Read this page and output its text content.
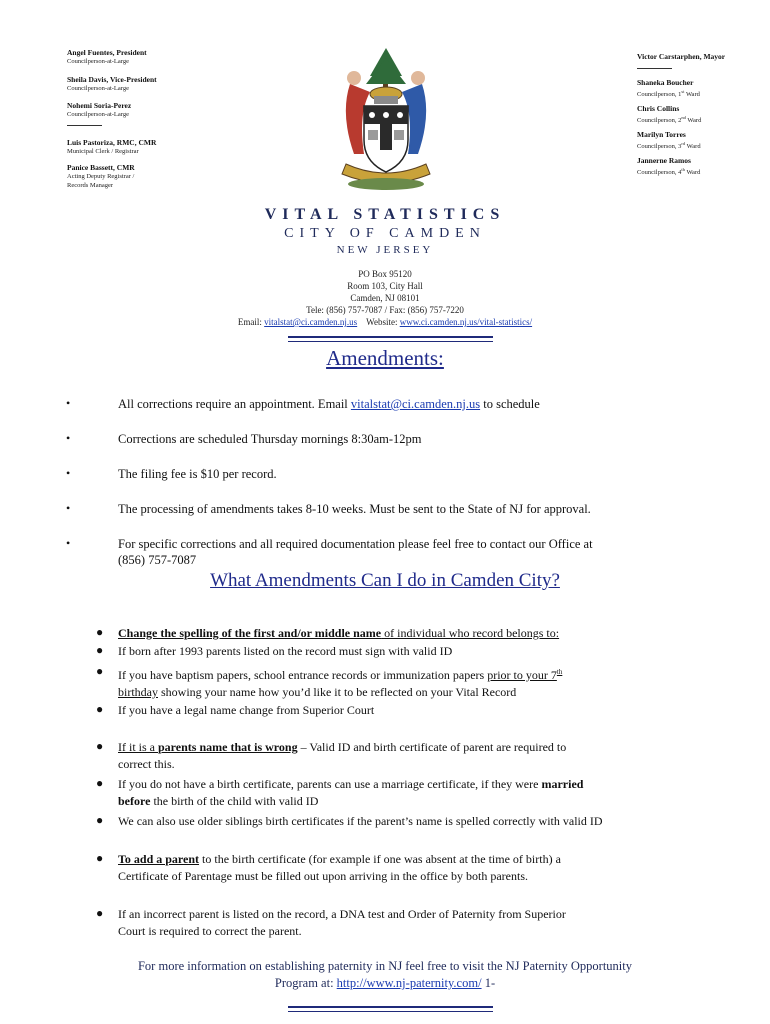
Angel Fuentes, President
Councilperson-at-Large
Sheila Davis, Vice-President
Councilperson-at-Large
Nohemi Soria-Perez
Councilperson-at-Large
Luis Pastoriza, RMC, CMR
Municipal Clerk / Registrar
Panice Bassett, CMR
Acting Deputy Registrar /
Records Manager
Victor Carstarphen, Mayor
Shaneka Boucher
Councilperson, 1st Ward
Chris Collins
Councilperson, 2nd Ward
Marilyn Torres
Councilperson, 3rd Ward
Jannerne Ramos
Councilperson, 4th Ward
VITAL STATISTICS
CITY OF CAMDEN
NEW JERSEY
PO Box 95120
Room 103, City Hall
Camden, NJ 08101
Tele: (856) 757-7087 / Fax: (856) 757-7220
Email: vitalstat@ci.camden.nj.us Website: www.ci.camden.nj.us/vital-statistics/
Amendments:
•	All corrections require an appointment. Email vitalstat@ci.camden.nj.us to schedule
•	Corrections are scheduled Thursday mornings 8:30am-12pm
•	The filing fee is $10 per record.
•	The processing of amendments takes 8-10 weeks. Must be sent to the State of NJ for approval.
•	For specific corrections and all required documentation please feel free to contact our Office at
(856) 757-7087
What Amendments Can I do in Camden City?
● Change the spelling of the first and/or middle name of individual who record belongs to:
● If born after 1993 parents listed on the record must sign with valid ID
● If you have baptism papers, school entrance records or immunization papers prior to your 7th
birthday showing your name how you’d like it to be reflected on your Vital Record
● If you have a legal name change from Superior Court
● If it is a parents name that is wrong – Valid ID and birth certificate of parent are required to
correct this.
● If you do not have a birth certificate, parents can use a marriage certificate, if they were married
before the birth of the child with valid ID
● We can also use older siblings birth certificates if the parent’s name is spelled correctly with valid ID
● To add a parent to the birth certificate (for example if one was absent at the time of birth) a
Certificate of Parentage must be filled out upon arriving in the office by both parents.
● If an incorrect parent is listed on the record, a DNA test and Order of Paternity from Superior
Court is required to correct the parent.
For more information on establishing paternity in NJ feel free to visit the NJ Paternity Opportunity
Program at: http://www.nj-paternity.com/ 1-
